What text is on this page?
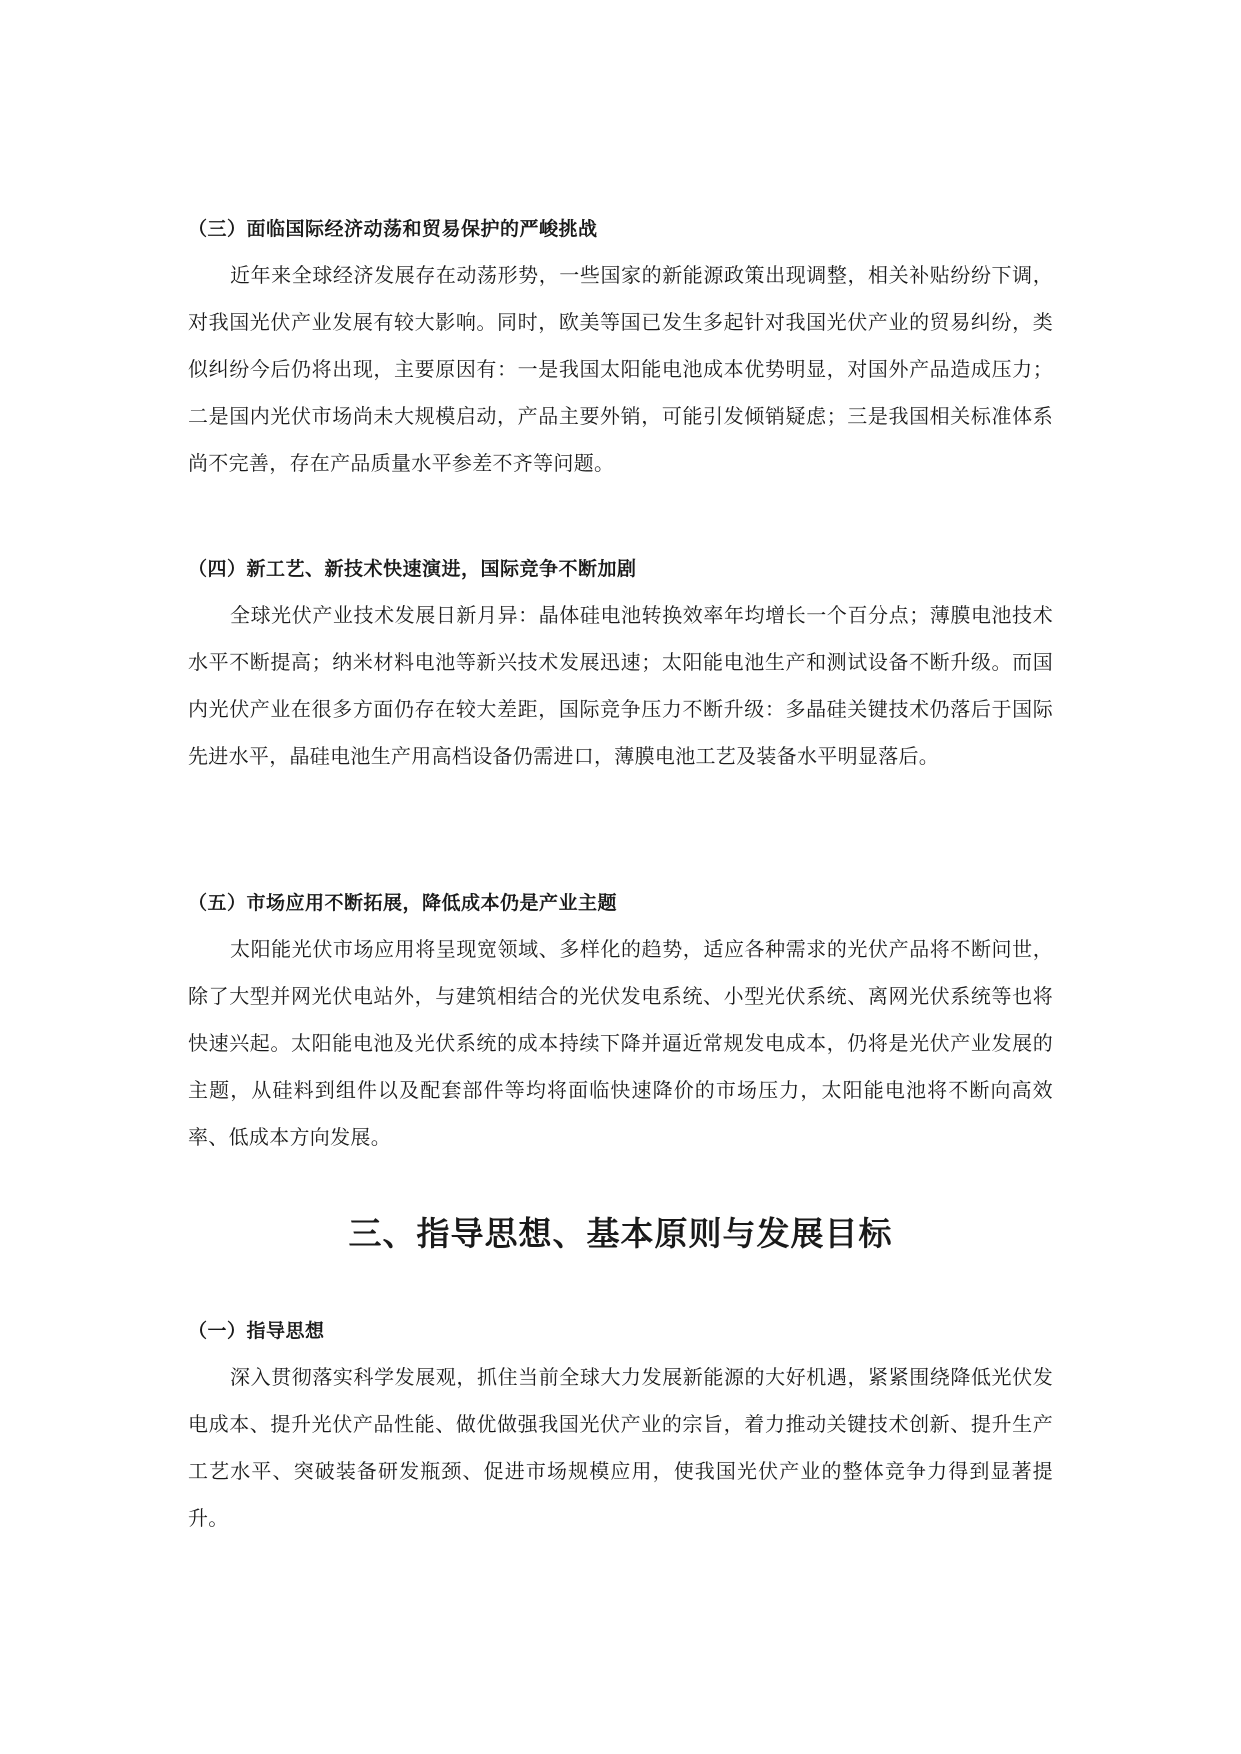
（三）面临国际经济动荡和贸易保护的严峻挑战

近年来全球经济发展存在动荡形势，一些国家的新能源政策出现调整，相关补贴纷纷下调，对我国光伏产业发展有较大影响。同时，欧美等国已发生多起针对我国光伏产业的贸易纠纷，类似纠纷今后仍将出现，主要原因有：一是我国太阳能电池成本优势明显，对国外产品造成压力；二是国内光伏市场尚未大规模启动，产品主要外销，可能引发倾销疑虑；三是我国相关标准体系尚不完善，存在产品质量水平参差不齐等问题。

（四）新工艺、新技术快速演进，国际竞争不断加剧

全球光伏产业技术发展日新月异：晶体硅电池转换效率年均增长一个百分点；薄膜电池技术水平不断提高；纳米材料电池等新兴技术发展迅速；太阳能电池生产和测试设备不断升级。而国内光伏产业在很多方面仍存在较大差距，国际竞争压力不断升级：多晶硅关键技术仍落后于国际先进水平，晶硅电池生产用高档设备仍需进口，薄膜电池工艺及装备水平明显落后。

（五）市场应用不断拓展，降低成本仍是产业主题

太阳能光伏市场应用将呈现宽领域、多样化的趋势，适应各种需求的光伏产品将不断问世，除了大型并网光伏电站外，与建筑相结合的光伏发电系统、小型光伏系统、离网光伏系统等也将快速兴起。太阳能电池及光伏系统的成本持续下降并逼近常规发电成本，仍将是光伏产业发展的主题，从硅料到组件以及配套部件等均将面临快速降价的市场压力，太阳能电池将不断向高效率、低成本方向发展。

三、指导思想、基本原则与发展目标
（一）指导思想

深入贯彻落实科学发展观，抓住当前全球大力发展新能源的大好机遇，紧紧围绕降低光伏发电成本、提升光伏产品性能、做优做强我国光伏产业的宗旨，着力推动关键技术创新、提升生产工艺水平、突破装备研发瓶颈、促进市场规模应用，使我国光伏产业的整体竞争力得到显著提升。
